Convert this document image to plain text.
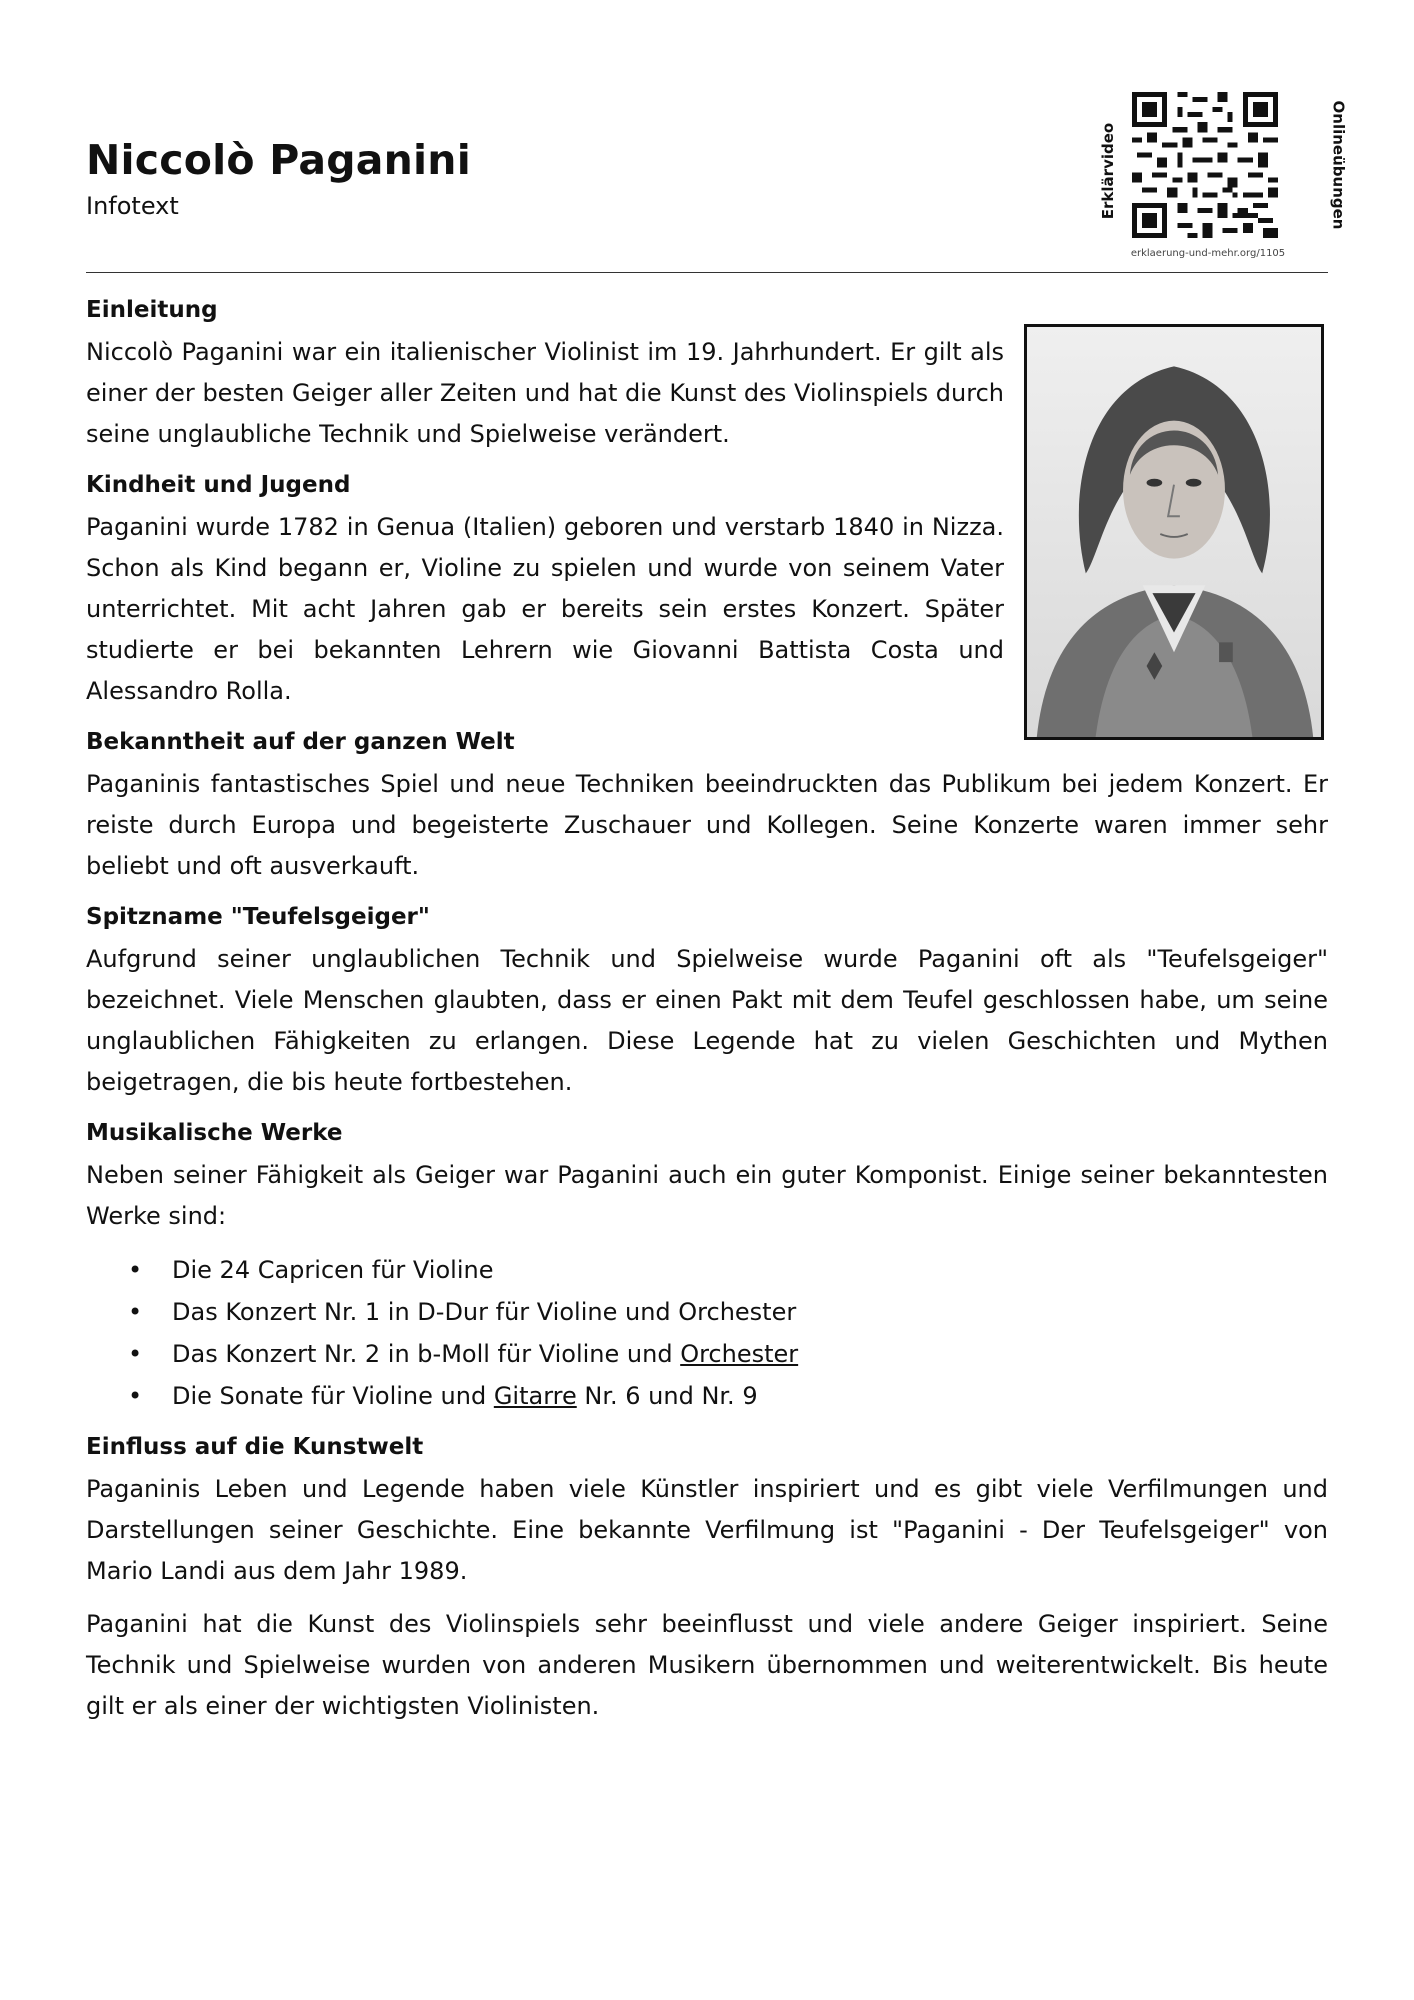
Niccolò Paganini
Infotext	Erklärvideo
erklaerung-und-mehr.org/1105
Onlineübungen
Einleitung

Niccolò Paganini war ein italienischer Violinist im 19. Jahrhundert. Er gilt als einer der besten Geiger aller Zeiten und hat die Kunst des Violinspiels durch seine unglaubliche Technik und Spielweise verändert.

Kindheit und Jugend

Paganini wurde 1782 in Genua (Italien) geboren und verstarb 1840 in Nizza. Schon als Kind begann er, Violine zu spielen und wurde von seinem Vater unterrichtet. Mit acht Jahren gab er bereits sein erstes Konzert. Später studierte er bei bekannten Lehrern wie Giovanni Battista Costa und Alessandro Rolla.

Bekanntheit auf der ganzen Welt

Paganinis fantastisches Spiel und neue Techniken beeindruckten das Publikum bei jedem Konzert. Er reiste durch Europa und begeisterte Zuschauer und Kollegen. Seine Konzerte waren immer sehr beliebt und oft ausverkauft.

Spitzname "Teufelsgeiger"

Aufgrund seiner unglaublichen Technik und Spielweise wurde Paganini oft als "Teufelsgeiger" bezeichnet. Viele Menschen glaubten, dass er einen Pakt mit dem Teufel geschlossen habe, um seine unglaublichen Fähigkeiten zu erlangen. Diese Legende hat zu vielen Geschichten und Mythen beigetragen, die bis heute fortbestehen.

Musikalische Werke

Neben seiner Fähigkeit als Geiger war Paganini auch ein guter Komponist. Einige seiner bekanntesten Werke sind:

• Die 24 Capricen für Violine
• Das Konzert Nr. 1 in D-Dur für Violine und Orchester
• Das Konzert Nr. 2 in b-Moll für Violine und Orchester
• Die Sonate für Violine und Gitarre Nr. 6 und Nr. 9
Einfluss auf die Kunstwelt

Paganinis Leben und Legende haben viele Künstler inspiriert und es gibt viele Verfilmungen und Darstellungen seiner Geschichte. Eine bekannte Verfilmung ist "Paganini - Der Teufelsgeiger" von Mario Landi aus dem Jahr 1989.

Paganini hat die Kunst des Violinspiels sehr beeinflusst und viele andere Geiger inspiriert. Seine Technik und Spielweise wurden von anderen Musikern übernommen und weiterentwickelt. Bis heute gilt er als einer der wichtigsten Violinisten.
